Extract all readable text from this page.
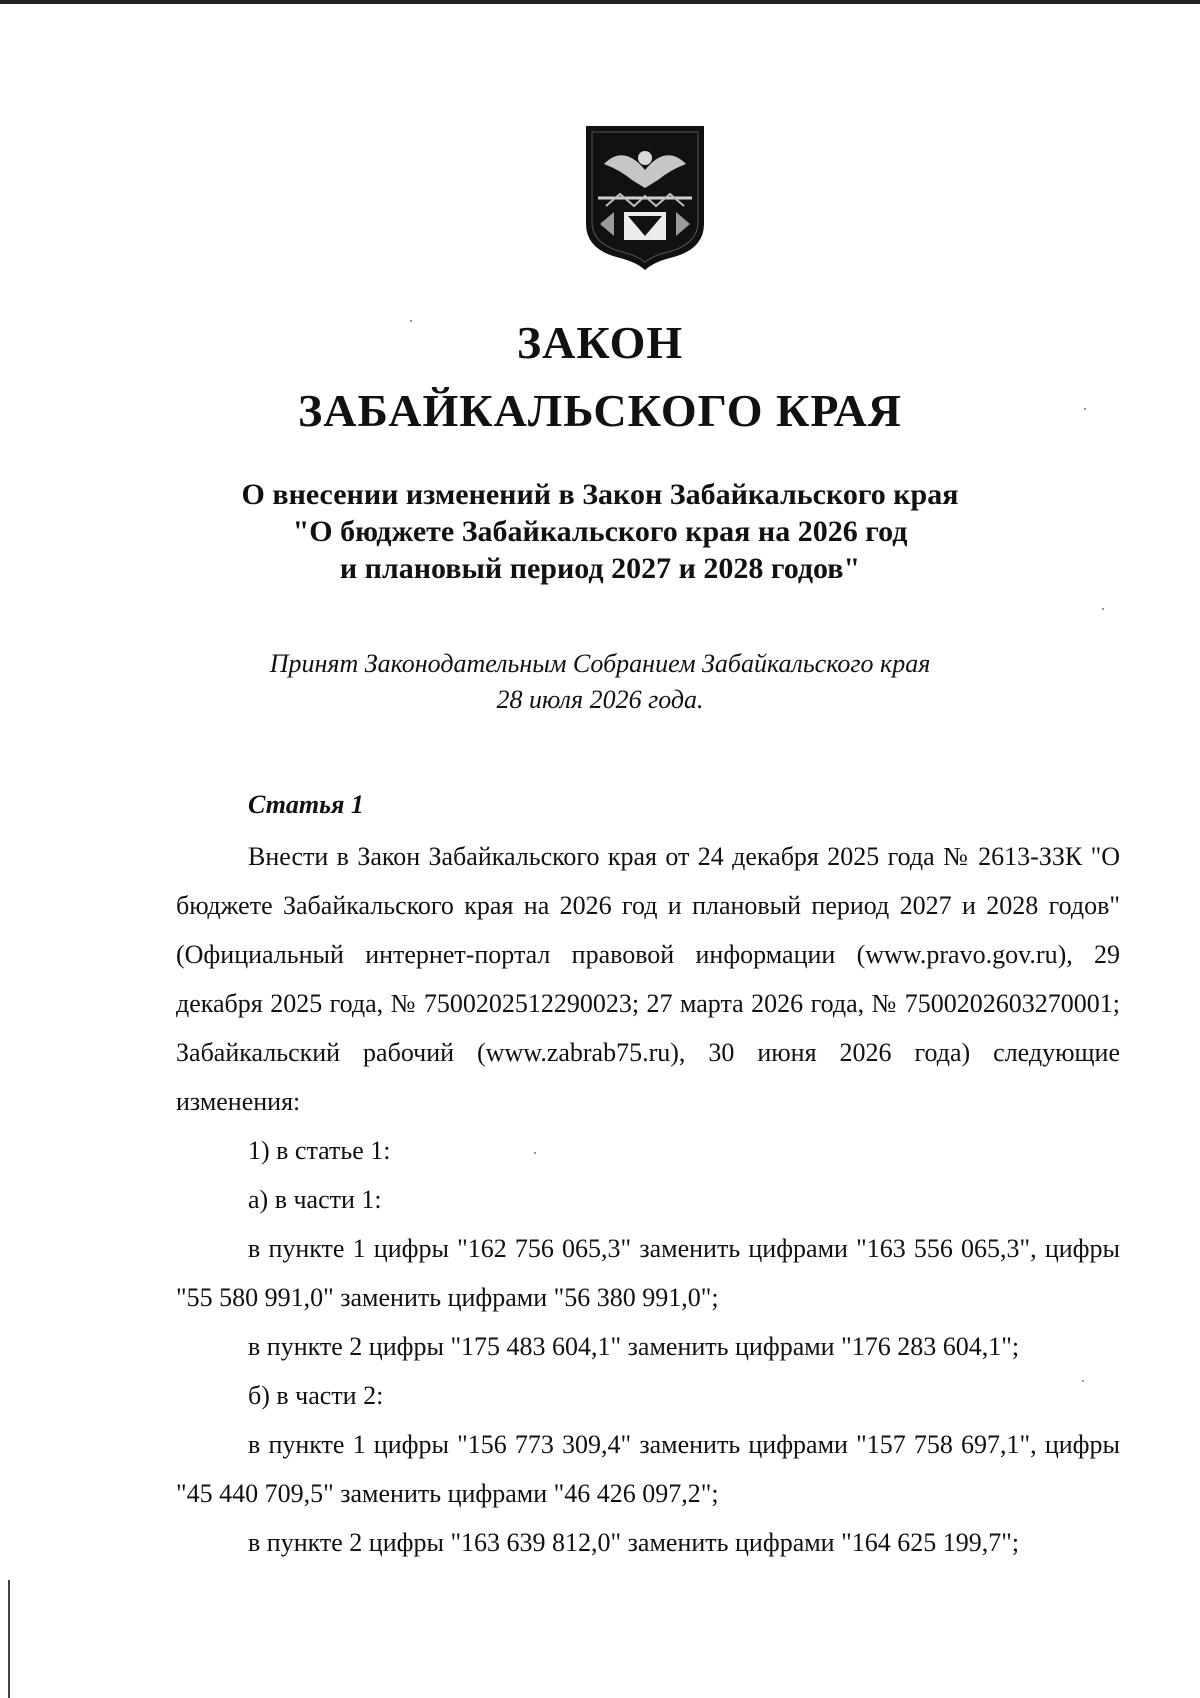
ЗАКОН
ЗАБАЙКАЛЬСКОГО КРАЯ
О внесении изменений в Закон Забайкальского края
"О бюджете Забайкальского края на 2026 год
и плановый период 2027 и 2028 годов"
Принят Законодательным Собранием Забайкальского края
28 июля 2026 года.
Статья 1

Внести в Закон Забайкальского края от 24 декабря 2025 года № 2613-ЗЗК "О бюджете Забайкальского края на 2026 год и плановый период 2027 и 2028 годов" (Официальный интернет-портал правовой информации (www.pravo.gov.ru), 29 декабря 2025 года, № 7500202512290023; 27 марта 2026 года, № 7500202603270001; Забайкальский рабочий (www.zabrab75.ru), 30 июня 2026 года) следующие изменения:

1) в статье 1:

а) в части 1:

в пункте 1 цифры "162 756 065,3" заменить цифрами "163 556 065,3", цифры "55 580 991,0" заменить цифрами "56 380 991,0";

в пункте 2 цифры "175 483 604,1" заменить цифрами "176 283 604,1";

б) в части 2:

в пункте 1 цифры "156 773 309,4" заменить цифрами "157 758 697,1", цифры "45 440 709,5" заменить цифрами "46 426 097,2";

в пункте 2 цифры "163 639 812,0" заменить цифрами "164 625 199,7";
